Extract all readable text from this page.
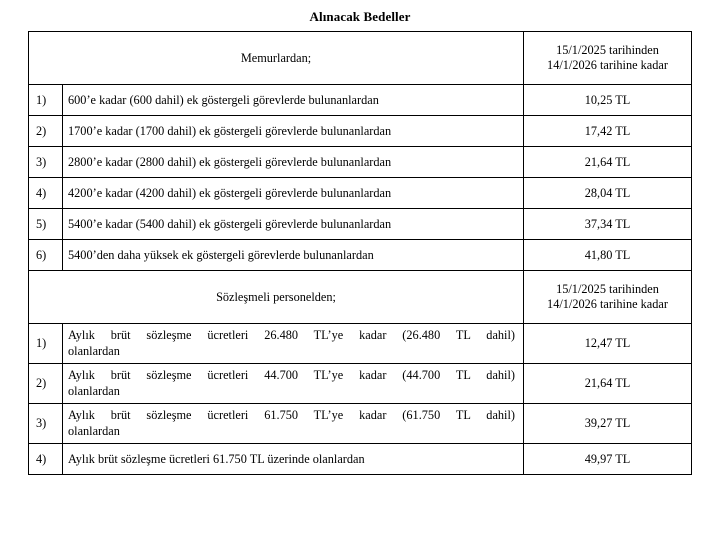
Alınacak Bedeller
Memurlardan;		15/1/2025 tarihinden
14/1/2026 tarihine kadar
1)	600’e kadar (600 dahil) ek göstergeli görevlerde bulunanlardan	10,25 TL
2)	1700’e kadar (1700 dahil) ek göstergeli görevlerde bulunanlardan	17,42 TL
3)	2800’e kadar (2800 dahil) ek göstergeli görevlerde bulunanlardan	21,64 TL
4)	4200’e kadar (4200 dahil) ek göstergeli görevlerde bulunanlardan	28,04 TL
5)	5400’e kadar (5400 dahil) ek göstergeli görevlerde bulunanlardan	37,34 TL
6)	5400’den daha yüksek ek göstergeli görevlerde bulunanlardan	41,80 TL
Sözleşmeli personelden;		15/1/2025 tarihinden
14/1/2026 tarihine kadar
1)	Aylık brüt sözleşme ücretleri 26.480 TL’ye kadar (26.480 TL dahil)
olanlardan	12,47 TL
2)	Aylık brüt sözleşme ücretleri 44.700 TL’ye kadar (44.700 TL dahil)
olanlardan	21,64 TL
3)	Aylık brüt sözleşme ücretleri 61.750 TL’ye kadar (61.750 TL dahil)
olanlardan	39,27 TL
4)	Aylık brüt sözleşme ücretleri 61.750 TL üzerinde olanlardan	49,97 TL
